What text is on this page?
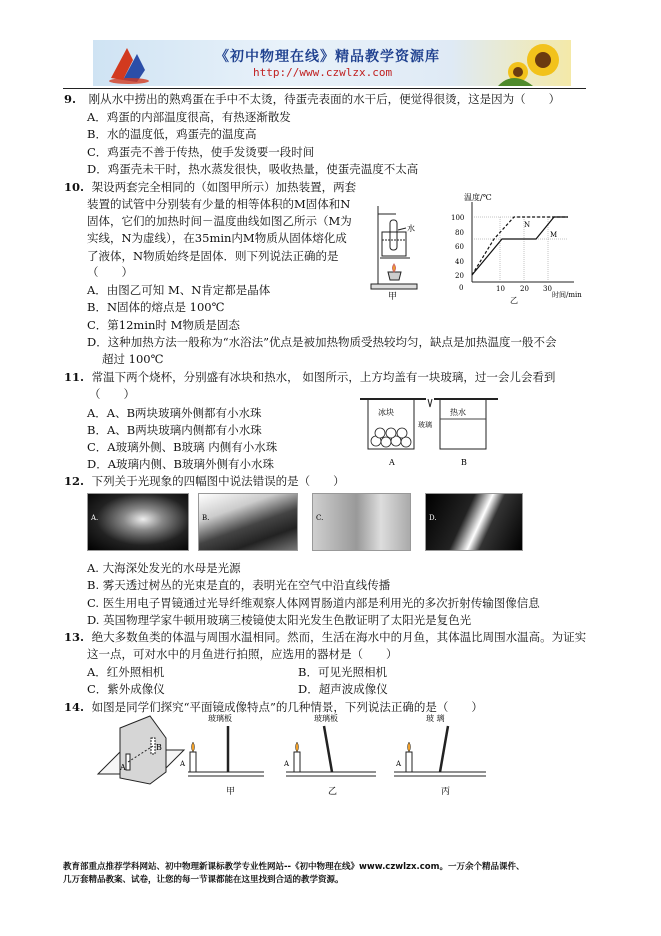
《初中物理在线》精品教学资源库
http://www.czwlzx.com
9. 刚从水中捞出的熟鸡蛋在手中不太烫，待蛋壳表面的水干后，便觉得很烫，这是因为（　　）
A．鸡蛋的内部温度很高，有热逐渐散发
B．水的温度低，鸡蛋壳的温度高
C．鸡蛋壳不善于传热，使手发烫要一段时间
D．鸡蛋壳未干时，热水蒸发很快，吸收热量，使蛋壳温度不太高
10. 架设两套完全相同的（如图甲所示）加热装置，两套
装置的试管中分别装有少量的相等体积的M固体和N
固体，它们的加热时间－温度曲线如图乙所示（M为
实线，N为虚线），在35min内M物质从固体熔化成
了液体，N物质始终是固体．则下列说法正确的是
（　　）
A．由图乙可知 M、N肯定都是晶体
B．N固体的熔点是 100℃
C．第12min时 M物质是固态
D．这种加热方法一般称为“水浴法”优点是被加热物质受热较均匀，缺点是加热温度一般不会
超过 100℃
水
甲
温度/℃
100
80
60
40
20
0	10 20 30
时间/min
N
M
乙
11. 常温下两个烧杯，分别盛有冰块和热水， 如图所示，上方均盖有一块玻璃，过一会儿会看到
（　　）
A．A、B两块玻璃外侧都有小水珠
B．A、B两块玻璃内侧都有小水珠
C．A玻璃外侧、B玻璃 内侧有小水珠
D．A玻璃内侧、B玻璃外侧有小水珠
冰块
玻璃
热水
A	B
12. 下列关于光现象的四幅图中说法错误的是（　　）
A.	B.	C.	D.
A. 大海深处发光的水母是光源
B. 雾天透过树丛的光束是直的，表明光在空气中沿直线传播
C. 医生用电子胃镜通过光导纤维观察人体网胃肠道内部是利用光的多次折射传输图像信息
D. 英国物理学家牛顿用玻璃三棱镜使太阳光发生色散证明了太阳光是复色光
13. 绝大多数鱼类的体温与周围水温相同。然而，生活在海水中的月鱼，其体温比周围水温高。为证实
这一点，可对水中的月鱼进行拍照，应选用的器材是（　　）
A．红外照相机	B．可见光照相机
C．紫外成像仪	D．超声波成像仪
14. 如图是同学们探究“平面镜成像特点”的几种情景，下列说法正确的是（　　）
A
B
玻璃板
甲
A
玻璃板
乙
A
玻 璃
丙
A
教育部重点推荐学科网站、初中物理新课标教学专业性网站--《初中物理在线》www.czwlzx.com。一万余个精品课件、
几万套精品教案、试卷，让您的每一节课都能在这里找到合适的教学资源。
